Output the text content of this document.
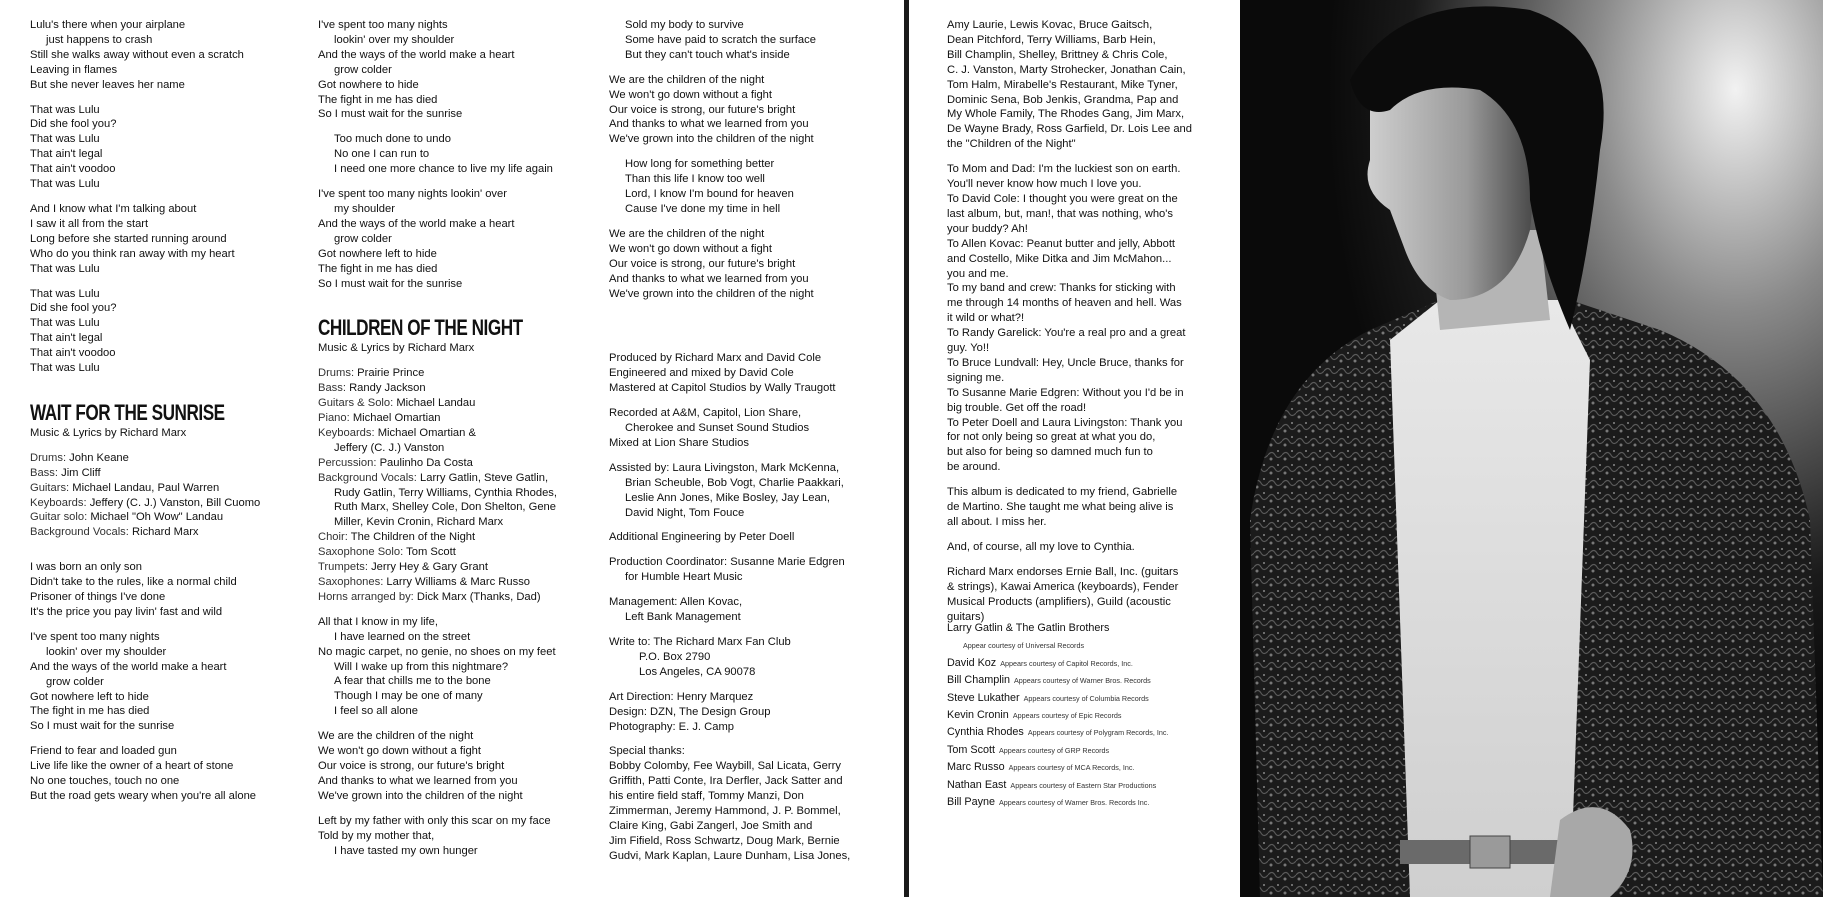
Lulu's there when your airplane
just happens to crash
Still she walks away without even a scratch
Leaving in flames
But she never leaves her name
That was Lulu
Did she fool you?
That was Lulu
That ain't legal
That ain't voodoo
That was Lulu
And I know what I'm talking about
I saw it all from the start
Long before she started running around
Who do you think ran away with my heart
That was Lulu
That was Lulu
Did she fool you?
That was Lulu
That ain't legal
That ain't voodoo
That was Lulu
WAIT FOR THE SUNRISE
Music & Lyrics by Richard Marx
Drums: John Keane
Bass: Jim Cliff
Guitars: Michael Landau, Paul Warren
Keyboards: Jeffery (C. J.) Vanston, Bill Cuomo
Guitar solo: Michael "Oh Wow" Landau
Background Vocals: Richard Marx
I was born an only son
Didn't take to the rules, like a normal child
Prisoner of things I've done
It's the price you pay livin' fast and wild
I've spent too many nights
lookin' over my shoulder
And the ways of the world make a heart
grow colder
Got nowhere left to hide
The fight in me has died
So I must wait for the sunrise
Friend to fear and loaded gun
Live life like the owner of a heart of stone
No one touches, touch no one
But the road gets weary when you're all alone
I've spent too many nights
lookin' over my shoulder
And the ways of the world make a heart
grow colder
Got nowhere to hide
The fight in me has died
So I must wait for the sunrise
Too much done to undo
No one I can run to
I need one more chance to live my life again
I've spent too many nights lookin' over
my shoulder
And the ways of the world make a heart
grow colder
Got nowhere left to hide
The fight in me has died
So I must wait for the sunrise
CHILDREN OF THE NIGHT
Music & Lyrics by Richard Marx
Drums: Prairie Prince
Bass: Randy Jackson
Guitars & Solo: Michael Landau
Piano: Michael Omartian
Keyboards: Michael Omartian &
Jeffery (C. J.) Vanston
Percussion: Paulinho Da Costa
Background Vocals: Larry Gatlin, Steve Gatlin,
Rudy Gatlin, Terry Williams, Cynthia Rhodes,
Ruth Marx, Shelley Cole, Don Shelton, Gene
Miller, Kevin Cronin, Richard Marx
Choir: The Children of the Night
Saxophone Solo: Tom Scott
Trumpets: Jerry Hey & Gary Grant
Saxophones: Larry Williams & Marc Russo
Horns arranged by: Dick Marx (Thanks, Dad)
All that I know in my life,
I have learned on the street
No magic carpet, no genie, no shoes on my feet
Will I wake up from this nightmare?
A fear that chills me to the bone
Though I may be one of many
I feel so all alone
We are the children of the night
We won't go down without a fight
Our voice is strong, our future's bright
And thanks to what we learned from you
We've grown into the children of the night
Left by my father with only this scar on my face
Told by my mother that,
I have tasted my own hunger
Sold my body to survive
Some have paid to scratch the surface
But they can't touch what's inside
We are the children of the night
We won't go down without a fight
Our voice is strong, our future's bright
And thanks to what we learned from you
We've grown into the children of the night
How long for something better
Than this life I know too well
Lord, I know I'm bound for heaven
Cause I've done my time in hell
We are the children of the night
We won't go down without a fight
Our voice is strong, our future's bright
And thanks to what we learned from you
We've grown into the children of the night
Produced by Richard Marx and David Cole
Engineered and mixed by David Cole
Mastered at Capitol Studios by Wally Traugott
Recorded at A&M, Capitol, Lion Share,
Cherokee and Sunset Sound Studios
Mixed at Lion Share Studios
Assisted by: Laura Livingston, Mark McKenna,
Brian Scheuble, Bob Vogt, Charlie Paakkari,
Leslie Ann Jones, Mike Bosley, Jay Lean,
David Night, Tom Fouce
Additional Engineering by Peter Doell
Production Coordinator: Susanne Marie Edgren
for Humble Heart Music
Management: Allen Kovac,
Left Bank Management
Write to: The Richard Marx Fan Club
P.O. Box 2790
Los Angeles, CA 90078
Art Direction: Henry Marquez
Design: DZN, The Design Group
Photography: E. J. Camp
Special thanks:
Bobby Colomby, Fee Waybill, Sal Licata, Gerry
Griffith, Patti Conte, Ira Derfler, Jack Satter and
his entire field staff, Tommy Manzi, Don
Zimmerman, Jeremy Hammond, J. P. Bommel,
Claire King, Gabi Zangerl, Joe Smith and
Jim Fifield, Ross Schwartz, Doug Mark, Bernie
Gudvi, Mark Kaplan, Laure Dunham, Lisa Jones,
Amy Laurie, Lewis Kovac, Bruce Gaitsch,
Dean Pitchford, Terry Williams, Barb Hein,
Bill Champlin, Shelley, Brittney & Chris Cole,
C. J. Vanston, Marty Strohecker, Jonathan Cain,
Tom Halm, Mirabelle's Restaurant, Mike Tyner,
Dominic Sena, Bob Jenkis, Grandma, Pap and
My Whole Family, The Rhodes Gang, Jim Marx,
De Wayne Brady, Ross Garfield, Dr. Lois Lee and
the "Children of the Night"
To Mom and Dad: I'm the luckiest son on earth.
You'll never know how much I love you.
To David Cole: I thought you were great on the
last album, but, man!, that was nothing, who's
your buddy? Ah!
To Allen Kovac: Peanut butter and jelly, Abbott
and Costello, Mike Ditka and Jim McMahon...
you and me.
To my band and crew: Thanks for sticking with
me through 14 months of heaven and hell. Was
it wild or what?!
To Randy Garelick: You're a real pro and a great
guy. Yo!!
To Bruce Lundvall: Hey, Uncle Bruce, thanks for
signing me.
To Susanne Marie Edgren: Without you I'd be in
big trouble. Get off the road!
To Peter Doell and Laura Livingston: Thank you
for not only being so great at what you do,
but also for being so damned much fun to
be around.
This album is dedicated to my friend, Gabrielle
de Martino. She taught me what being alive is
all about. I miss her.
And, of course, all my love to Cynthia.
Richard Marx endorses Ernie Ball, Inc. (guitars
& strings), Kawai America (keyboards), Fender
Musical Products (amplifiers), Guild (acoustic
guitars)
Larry Gatlin & The Gatlin Brothers
Appear courtesy of Universal Records
David Koz Appears courtesy of Capitol Records, Inc.
Bill Champlin Appears courtesy of Warner Bros. Records
Steve Lukather Appears courtesy of Columbia Records
Kevin Cronin Appears courtesy of Epic Records
Cynthia Rhodes Appears courtesy of Polygram Records, Inc.
Tom Scott Appears courtesy of GRP Records
Marc Russo Appears courtesy of MCA Records, Inc.
Nathan East Appears courtesy of Eastern Star Productions
Bill Payne Appears courtesy of Warner Bros. Records Inc.
